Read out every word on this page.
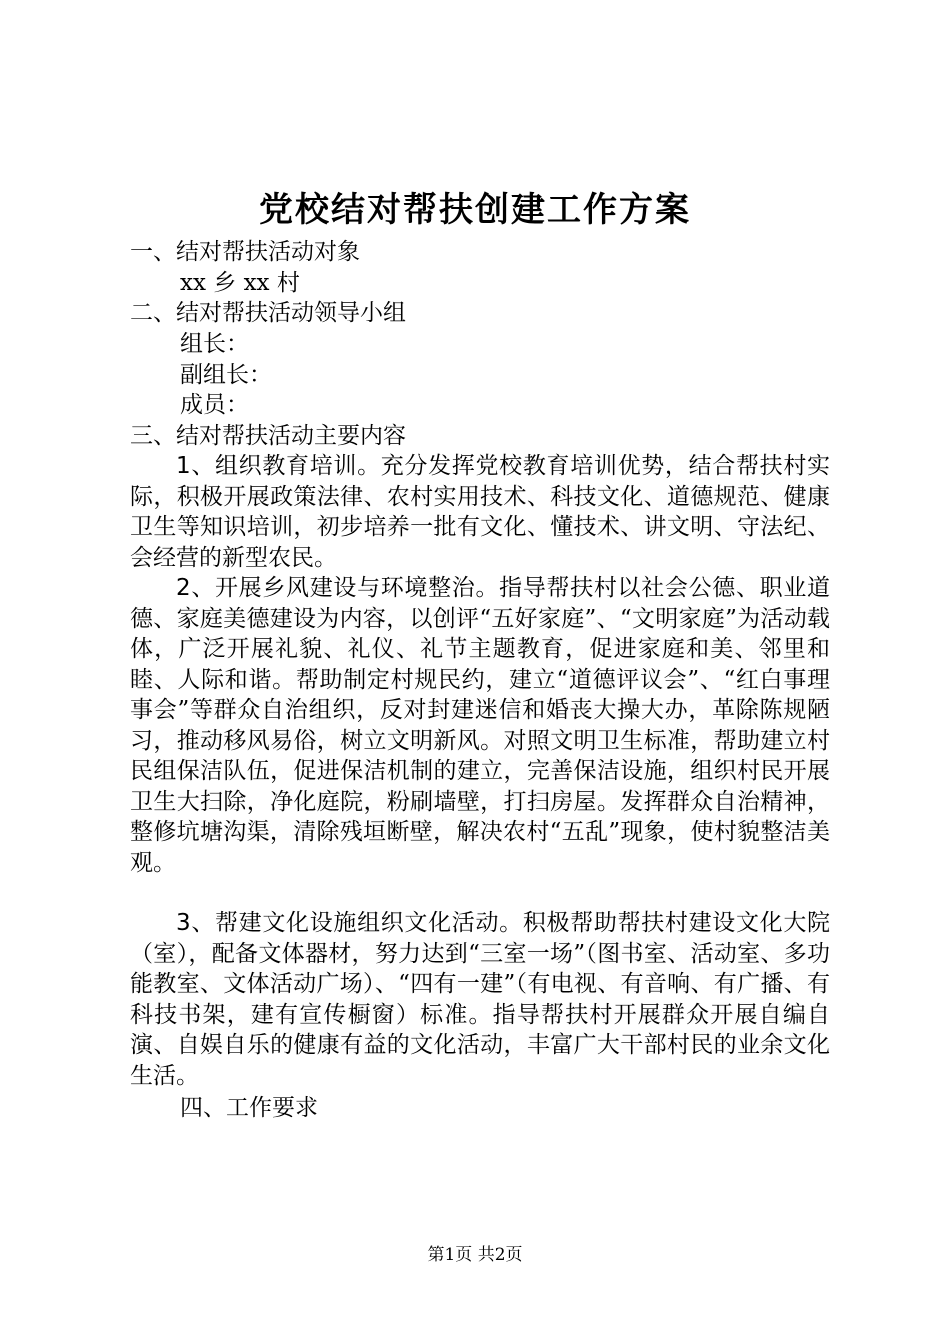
党校结对帮扶创建工作方案
一、结对帮扶活动对象
xx 乡 xx 村
二、结对帮扶活动领导小组
组长：
副组长：
成员：
三、结对帮扶活动主要内容
1、组织教育培训。充分发挥党校教育培训优势，结合帮扶村实际，积极开展政策法律、农村实用技术、科技文化、道德规范、健康卫生等知识培训，初步培养一批有文化、懂技术、讲文明、守法纪、会经营的新型农民。
2、开展乡风建设与环境整治。指导帮扶村以社会公德、职业道德、家庭美德建设为内容，以创评“五好家庭”、“文明家庭”为活动载体，广泛开展礼貌、礼仪、礼节主题教育，促进家庭和美、邻里和睦、人际和谐。帮助制定村规民约，建立“道德评议会”、“红白事理事会”等群众自治组织，反对封建迷信和婚丧大操大办，革除陈规陋习，推动移风易俗，树立文明新风。对照文明卫生标准，帮助建立村民组保洁队伍，促进保洁机制的建立，完善保洁设施，组织村民开展卫生大扫除，净化庭院，粉刷墙壁，打扫房屋。发挥群众自治精神，整修坑塘沟渠，清除残垣断壁，解决农村“五乱”现象，使村貌整洁美观。
3、帮建文化设施组织文化活动。积极帮助帮扶村建设文化大院（室），配备文体器材，努力达到“三室一场”（图书室、活动室、多功能教室、文体活动广场）、“四有一建”（有电视、有音响、有广播、有科技书架，建有宣传橱窗）标准。指导帮扶村开展群众开展自编自演、自娱自乐的健康有益的文化活动，丰富广大干部村民的业余文化生活。
四、工作要求
第1页 共2页
